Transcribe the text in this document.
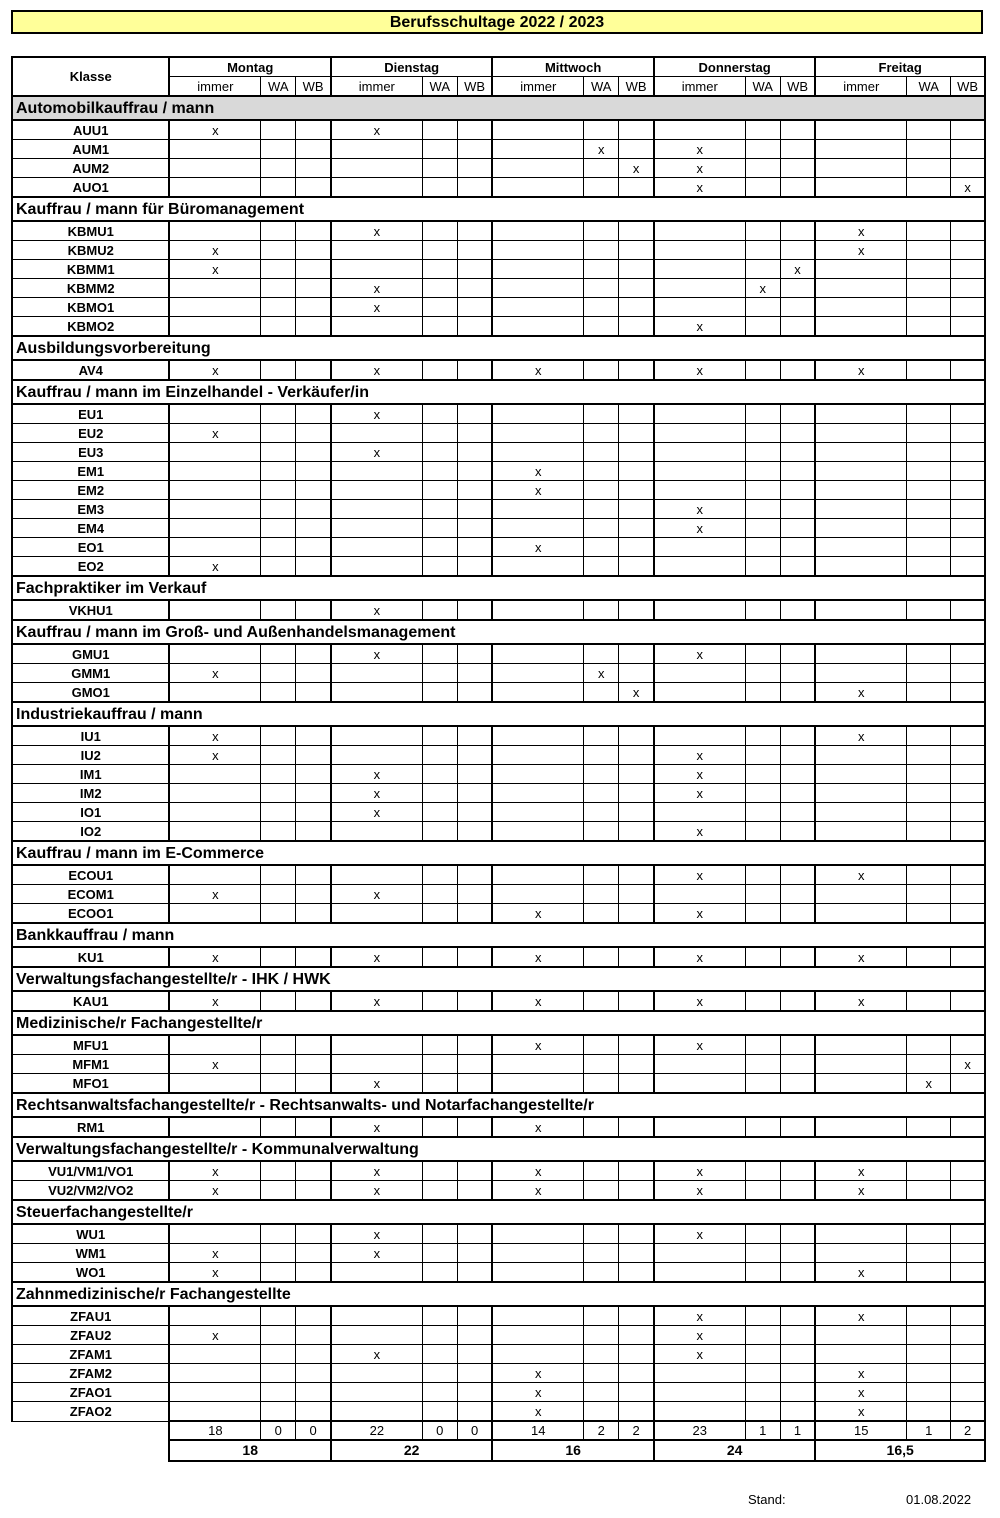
Berufsschultage 2022 / 2023
Klasse	Montag			Dienstag			Mittwoch			Donnerstag			Freitag		
	immer	WA	WB	immer	WA	WB	immer	WA	WB	immer	WA	WB	immer	WA	WB
Automobilkauffrau / mann															
AUU1	x			x											
AUM1								x		x					
AUM2									x	x					
AUO1										x					x
Kauffrau / mann für Büromanagement															
KBMU1				x									x		
KBMU2	x												x		
KBMM1	x											x			
KBMM2				x							x				
KBMO1				x											
KBMO2										x					
Ausbildungsvorbereitung															
AV4	x			x			x			x			x		
Kauffrau / mann im Einzelhandel - Verkäufer/in															
EU1				x											
EU2	x														
EU3				x											
EM1							x								
EM2							x								
EM3										x					
EM4										x					
EO1							x								
EO2	x														
Fachpraktiker im Verkauf															
VKHU1				x											
Kauffrau / mann im Groß- und Außenhandelsmanagement															
GMU1				x						x					
GMM1	x							x							
GMO1									x				x		
Industriekauffrau / mann															
IU1	x												x		
IU2	x									x					
IM1				x						x					
IM2				x						x					
IO1				x											
IO2										x					
Kauffrau / mann im E-Commerce															
ECOU1										x			x		
ECOM1	x			x											
ECOO1							x			x					
Bankkauffrau / mann															
KU1	x			x			x			x			x		
Verwaltungsfachangestellte/r - IHK / HWK															
KAU1	x			x			x			x			x		
Medizinische/r Fachangestellte/r															
MFU1							x			x					
MFM1	x														x
MFO1				x										x	
Rechtsanwaltsfachangestellte/r - Rechtsanwalts- und Notarfachangestellte/r															
RM1				x			x								
Verwaltungsfachangestellte/r - Kommunalverwaltung															
VU1/VM1/VO1	x			x			x			x			x		
VU2/VM2/VO2	x			x			x			x			x		
Steuerfachangestellte/r															
WU1				x						x					
WM1	x			x											
WO1	x												x		
Zahnmedizinische/r Fachangestellte															
ZFAU1										x			x		
ZFAU2	x									x					
ZFAM1				x						x					
ZFAM2							x						x		
ZFAO1							x						x		
ZFAO2							x						x		
	18	0	0	22	0	0	14	2	2	23	1	1	15	1	2
	18			22			16			24			16,5		
Stand:	01.08.2022
